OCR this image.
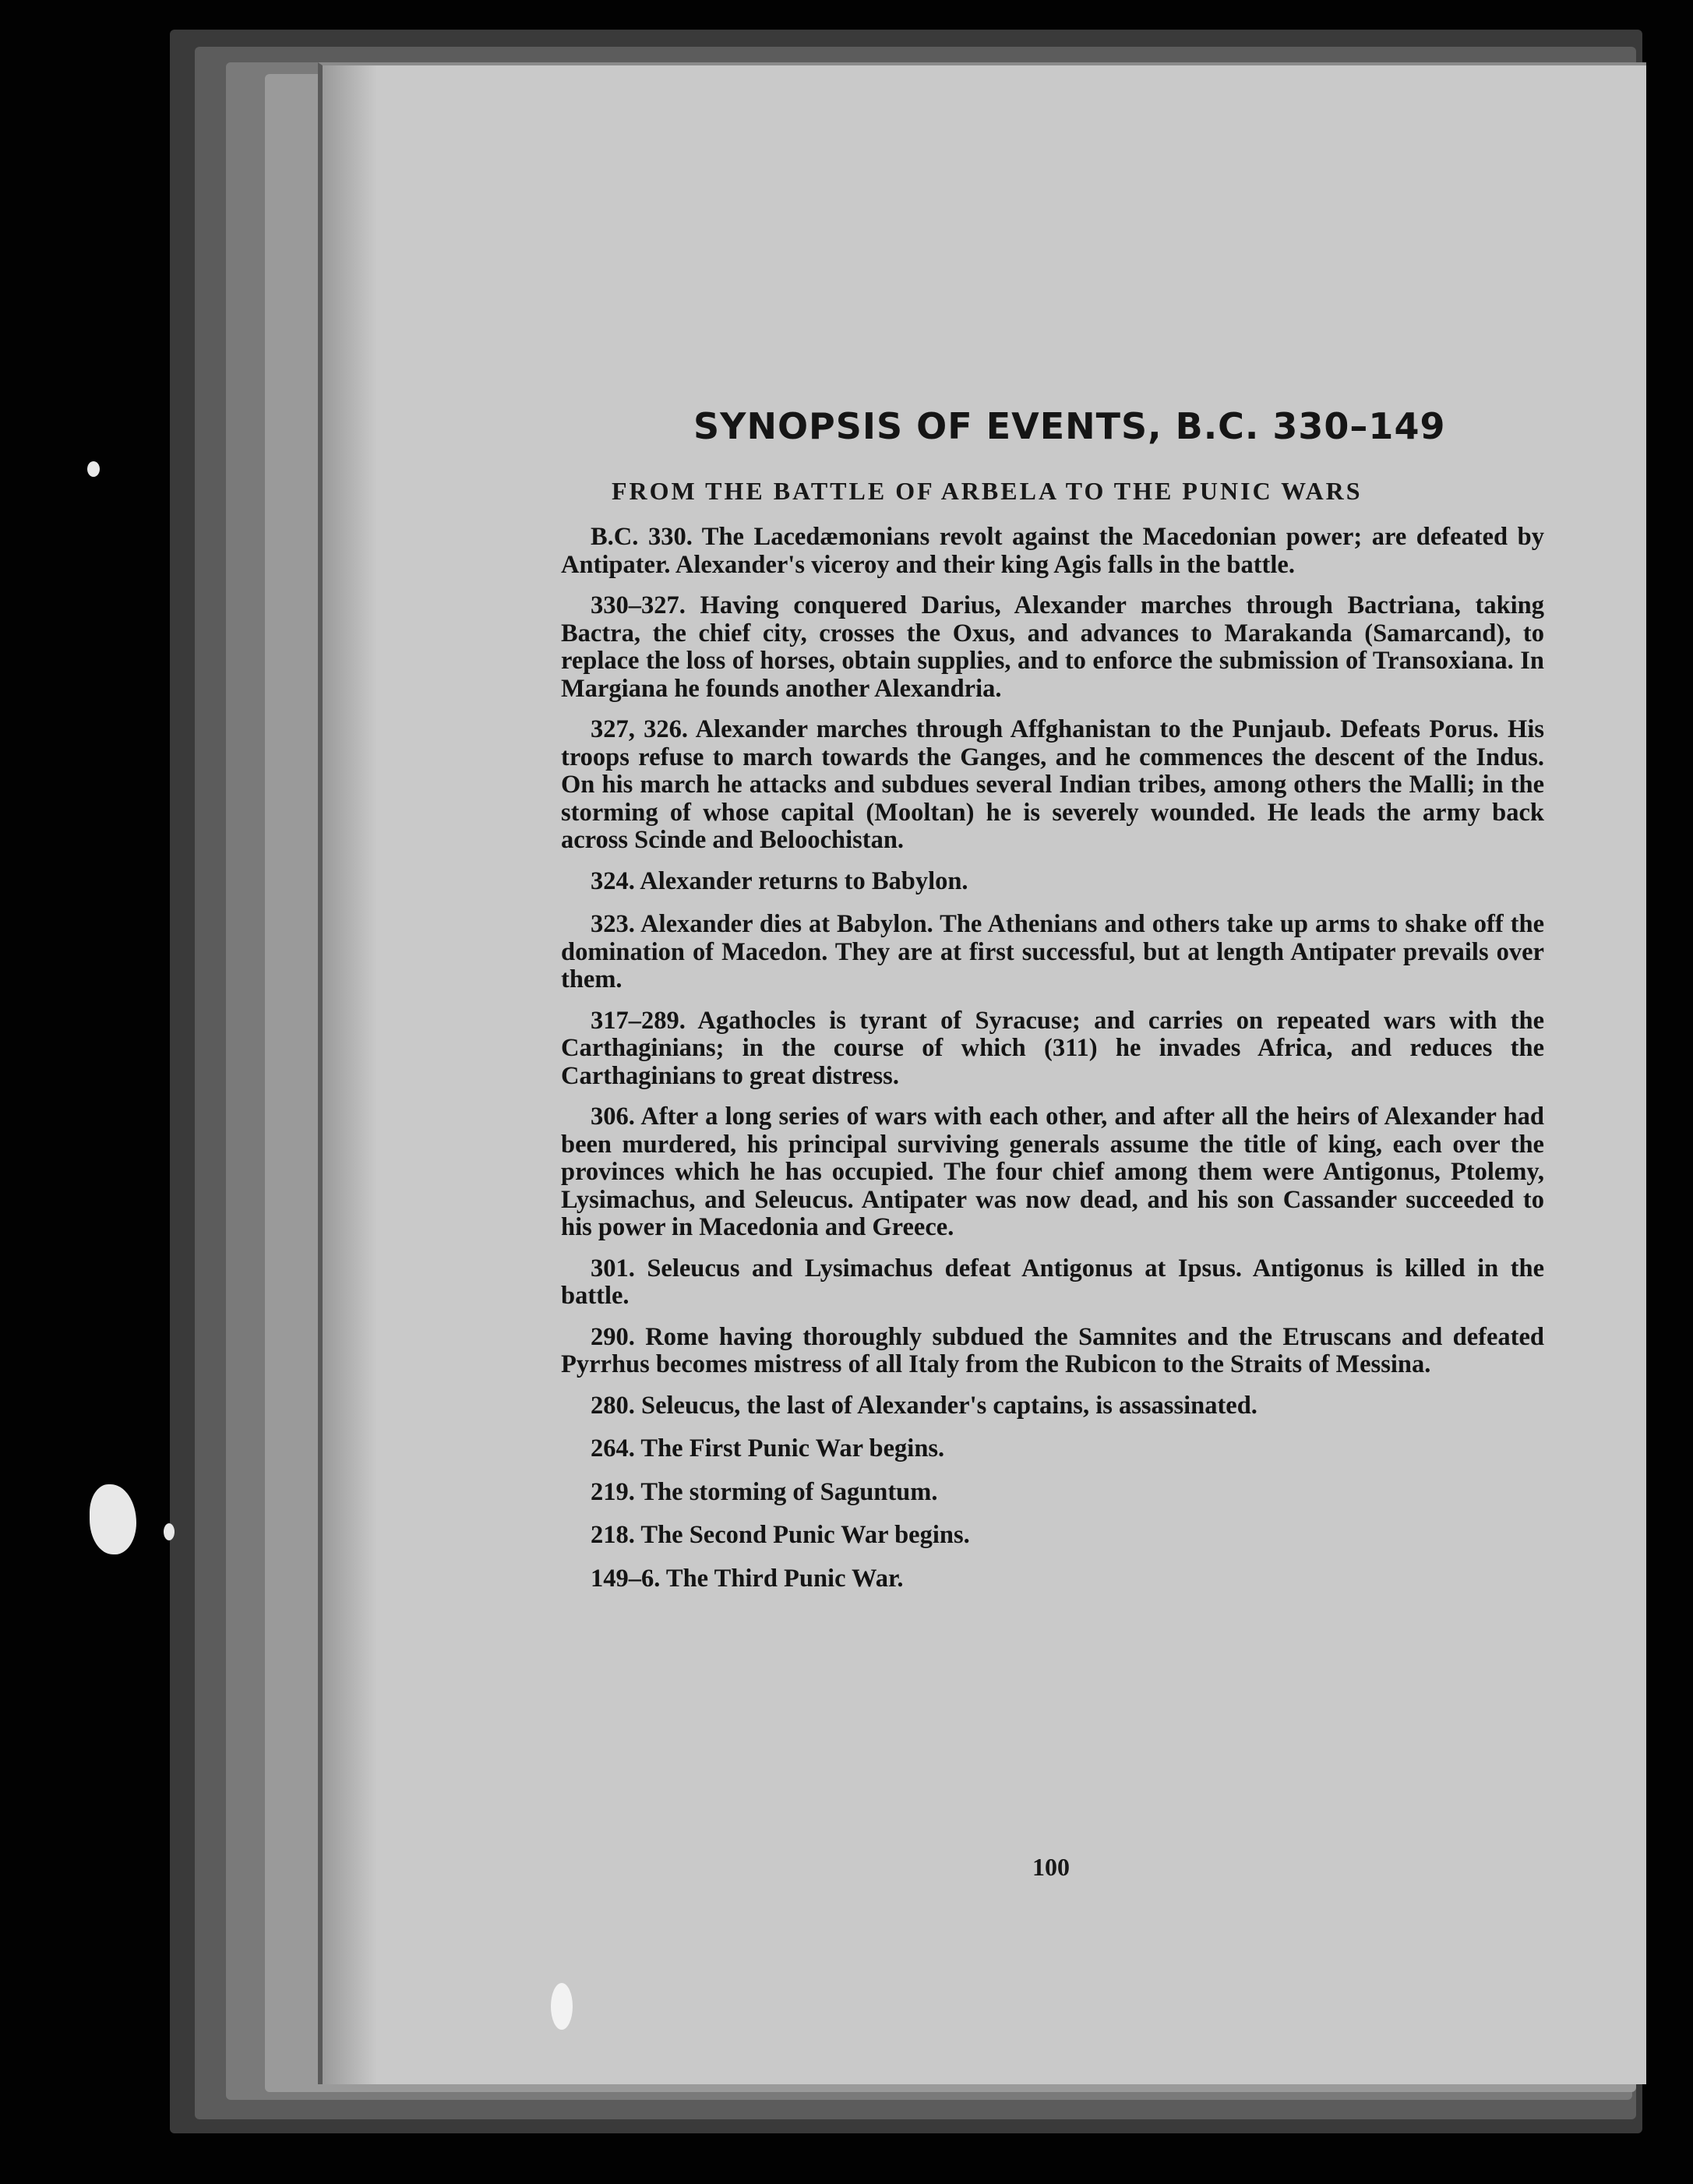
SYNOPSIS OF EVENTS, B.C. 330–149
FROM THE BATTLE OF ARBELA TO THE PUNIC WARS

B.C. 330. The Lacedæmonians revolt against the Macedonian power; are defeated by Antipater. Alexander's viceroy and their king Agis falls in the battle.

330–327. Having conquered Darius, Alexander marches through Bactriana, taking Bactra, the chief city, crosses the Oxus, and advances to Marakanda (Samarcand), to replace the loss of horses, obtain supplies, and to enforce the submission of Transoxiana. In Margiana he founds another Alexandria.

327, 326. Alexander marches through Affghanistan to the Punjaub. Defeats Porus. His troops refuse to march towards the Ganges, and he commences the descent of the Indus. On his march he attacks and subdues several Indian tribes, among others the Malli; in the storming of whose capital (Mooltan) he is severely wounded. He leads the army back across Scinde and Beloochistan.

324. Alexander returns to Babylon.

323. Alexander dies at Babylon. The Athenians and others take up arms to shake off the domination of Macedon. They are at first successful, but at length Antipater prevails over them.

317–289. Agathocles is tyrant of Syracuse; and carries on repeated wars with the Carthaginians; in the course of which (311) he invades Africa, and reduces the Carthaginians to great distress.

306. After a long series of wars with each other, and after all the heirs of Alexander had been murdered, his principal surviving generals assume the title of king, each over the provinces which he has occupied. The four chief among them were Antigonus, Ptolemy, Lysimachus, and Seleucus. Antipater was now dead, and his son Cassander succeeded to his power in Macedonia and Greece.

301. Seleucus and Lysimachus defeat Antigonus at Ipsus. Antigonus is killed in the battle.

290. Rome having thoroughly subdued the Samnites and the Etruscans and defeated Pyrrhus becomes mistress of all Italy from the Rubicon to the Straits of Messina.

280. Seleucus, the last of Alexander's captains, is assassinated.

264. The First Punic War begins.

219. The storming of Saguntum.

218. The Second Punic War begins.

149–6. The Third Punic War.

100
